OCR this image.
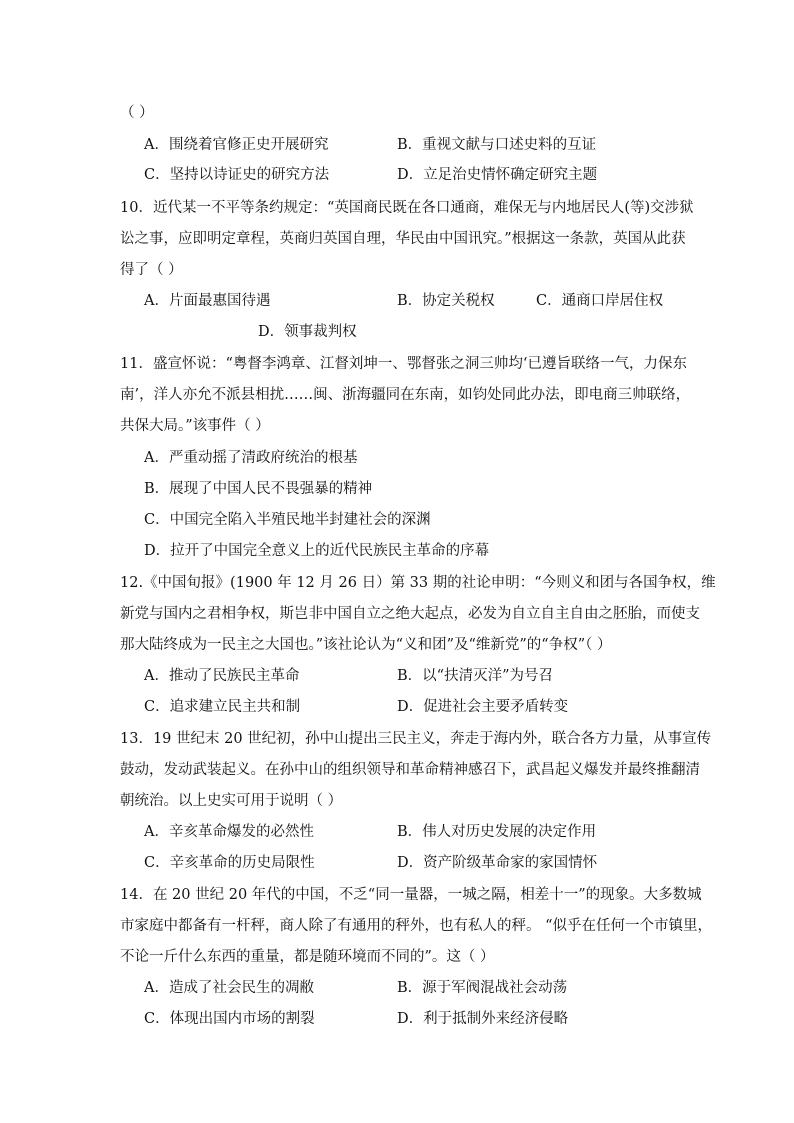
（ ）
A．围绕着官修正史开展研究	B．重视文献与口述史料的互证
C．坚持以诗证史的研究方法	D．立足治史情怀确定研究主题
10．近代某一不平等条约规定：“英国商民既在各口通商，难保无与内地居民人(等)交涉狱
讼之事，应即明定章程，英商归英国自理，华民由中国讯究。”根据这一条款，英国从此获
得了（ ）
A．片面最惠国待遇	B．协定关税权	C．通商口岸居住权
D．领事裁判权
11．盛宣怀说：“粤督李鸿章、江督刘坤一、鄂督张之洞三帅均‘已遵旨联络一气，力保东
南’，洋人亦允不派县相扰……闽、浙海疆同在东南，如钧处同此办法，即电商三帅联络，
共保大局。”该事件（ ）
A．严重动摇了清政府统治的根基
B．展现了中国人民不畏强暴的精神
C．中国完全陷入半殖民地半封建社会的深渊
D．拉开了中国完全意义上的近代民族民主革命的序幕
12.《中国旬报》(1900 年 12 月 26 日）第 33 期的社论申明：“今则义和团与各国争权，维
新党与国内之君相争权，斯岂非中国自立之绝大起点，必发为自立自主自由之胚胎，而使支
那大陆终成为一民主之大国也。”该社论认为“义和团”及“维新党”的“争权”（ ）
A．推动了民族民主革命	B．以“扶清灭洋”为号召
C．追求建立民主共和制	D．促进社会主要矛盾转变
13．19 世纪末 20 世纪初，孙中山提出三民主义，奔走于海内外，联合各方力量，从事宣传
鼓动，发动武装起义。在孙中山的组织领导和革命精神感召下，武昌起义爆发并最终推翻清
朝统治。以上史实可用于说明（ ）
A．辛亥革命爆发的必然性	B．伟人对历史发展的决定作用
C．辛亥革命的历史局限性	D．资产阶级革命家的家国情怀
14．在 20 世纪 20 年代的中国，不乏“同一量器，一城之隔，相差十一”的现象。大多数城
市家庭中都备有一杆秤，商人除了有通用的秤外，也有私人的秤。 “似乎在任何一个市镇里，
不论一斤什么东西的重量，都是随环境而不同的”。这（ ）
A．造成了社会民生的凋敝	B．源于军阀混战社会动荡
C．体现出国内市场的割裂	D．利于抵制外来经济侵略
